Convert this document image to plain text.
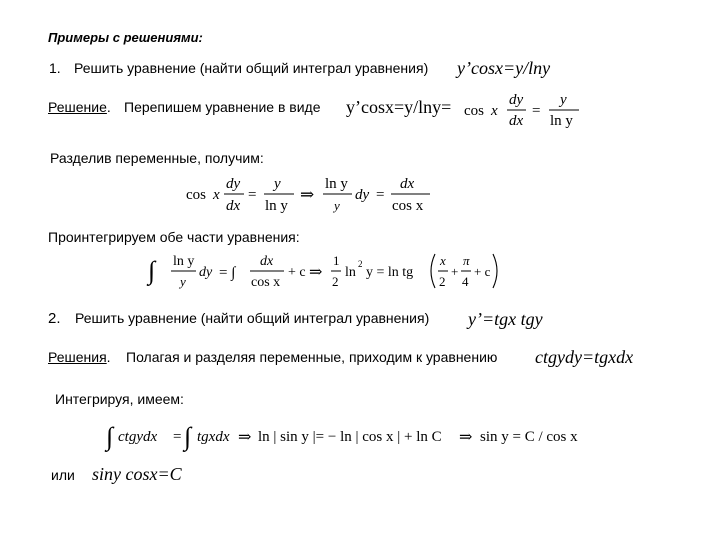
Примеры с решениями:
1. Решить уравнение (найти общий интеграл уравнения) y’cosx=y/lny
Решение. Перепишем уравнение в виде y’cosx=y/lny= cos x
dy
dx
=
y
ln y
Разделив переменные, получим:
cos x
dy
dx
=
y
ln y
⇒
ln y
y
dy =
dx
cos x
Проинтегрируем обе части уравнения:
∫ ln y
y
dy = ∫
dx
cos x
+ c ⇒
1
2
ln
2
y = ln tg
x
2
+
π
4
+ c
2. Решить уравнение (найти общий интеграл уравнения) y’=tgx tgy
Решения. Полагая и разделяя переменные, приходим к уравнению ctgydy=tgxdx
Интегрируя, имеем:
∫ ctgydx = ∫ tgxdx ⇒ ln | sin y |= − ln | cos x | + ln C ⇒ sin y = C / cos x
или siny cosx=C
